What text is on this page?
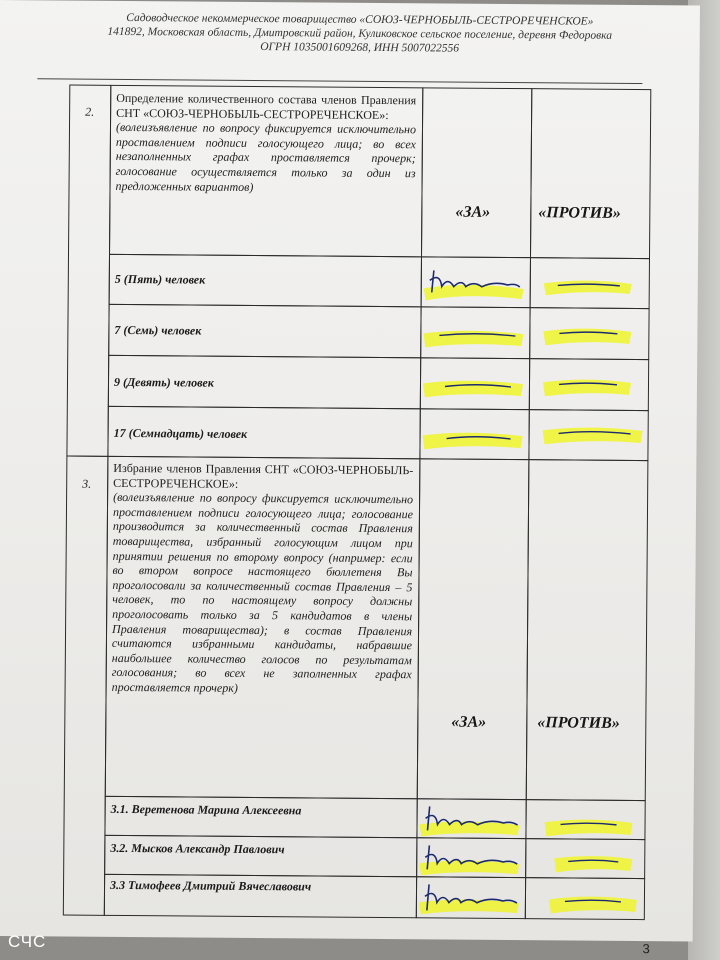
Садоводческое некоммерческое товарищество «СОЮЗ-ЧЕРНОБЫЛЬ-СЕСТРОРЕЧЕНСКОЕ»
141892, Московская область, Дмитровский район, Куликовское сельское поселение, деревня Федоровка
ОГРН 1035001609268, ИНН 5007022556
2.
Определение количественного состава членов Правления СНТ «СОЮЗ-ЧЕРНОБЫЛЬ-СЕСТРОРЕЧЕНСКОЕ»:
(волеизъявление по вопросу фиксируется исключительно проставлением подписи голосующего лица; во всех незаполненных графах проставляется прочерк; голосование осуществляется только за один из предложенных вариантов)
«ЗА»	«ПРОТИВ»
5 (Пять) человек
7 (Семь) человек
9 (Девять) человек
17 (Семнадцать) человек
3.
Избрание членов Правления СНТ «СОЮЗ-ЧЕРНОБЫЛЬ-СЕСТРОРЕЧЕНСКОЕ»:
(волеизъявление по вопросу фиксируется исключительно проставлением подписи голосующего лица; голосование производится за количественный состав Правления товарищества, избранный голосующим лицом при принятии решения по второму вопросу (например: если во втором вопросе настоящего бюллетеня Вы проголосовали за количественный состав Правления – 5 человек, то по настоящему вопросу должны проголосовать только за 5 кандидатов в члены Правления товарищества); в состав Правления считаются избранными кандидаты, набравшие наибольшее количество голосов по результатам голосования; во всех не заполненных графах проставляется прочерк)
«ЗА»	«ПРОТИВ»
3.1. Веретенова Марина Алексеевна
3.2. Мысков Александр Павлович
3.3 Тимофеев Дмитрий Вячеславович
3
СЧС
